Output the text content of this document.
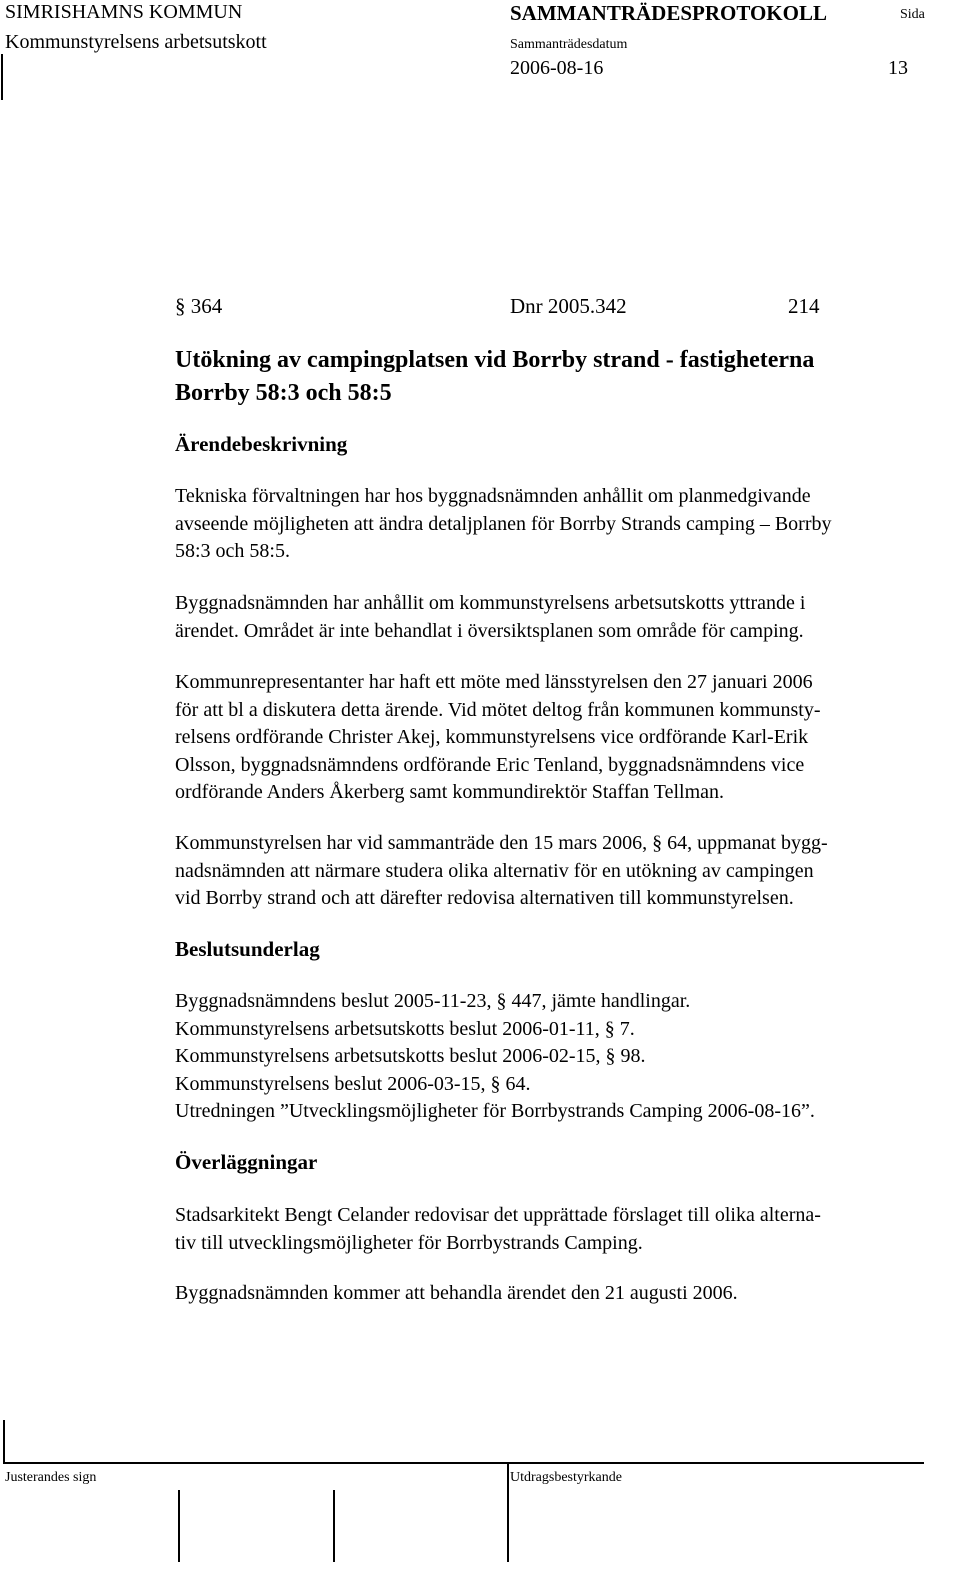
SIMRISHAMNS KOMMUN
Kommunstyrelsens arbetsutskott
SAMMANTRÄDESPROTOKOLL	Sida
Sammanträdesdatum
2006-08-16	13
§ 364	Dnr 2005.342	214
Utökning av campingplatsen vid Borrby strand - fastigheterna
Borrby 58:3 och 58:5
Ärendebeskrivning
Tekniska förvaltningen har hos byggnadsnämnden anhållit om planmedgivande
avseende möjligheten att ändra detaljplanen för Borrby Strands camping – Borrby
58:3 och 58:5.
Byggnadsnämnden har anhållit om kommunstyrelsens arbetsutskotts yttrande i
ärendet. Området är inte behandlat i översiktsplanen som område för camping.
Kommunrepresentanter har haft ett möte med länsstyrelsen den 27 januari 2006
för att bl a diskutera detta ärende. Vid mötet deltog från kommunen kommunsty-
relsens ordförande Christer Akej, kommunstyrelsens vice ordförande Karl-Erik
Olsson, byggnadsnämndens ordförande Eric Tenland, byggnadsnämndens vice
ordförande Anders Åkerberg samt kommundirektör Staffan Tellman.
Kommunstyrelsen har vid sammanträde den 15 mars 2006, § 64, uppmanat bygg-
nadsnämnden att närmare studera olika alternativ för en utökning av campingen
vid Borrby strand och att därefter redovisa alternativen till kommunstyrelsen.
Beslutsunderlag
Byggnadsnämndens beslut 2005-11-23, § 447, jämte handlingar.
Kommunstyrelsens arbetsutskotts beslut 2006-01-11, § 7.
Kommunstyrelsens arbetsutskotts beslut 2006-02-15, § 98.
Kommunstyrelsens beslut 2006-03-15, § 64.
Utredningen ”Utvecklingsmöjligheter för Borrbystrands Camping 2006-08-16”.
Överläggningar
Stadsarkitekt Bengt Celander redovisar det upprättade förslaget till olika alterna-
tiv till utvecklingsmöjligheter för Borrbystrands Camping.
Byggnadsnämnden kommer att behandla ärendet den 21 augusti 2006.
Justerandes sign	Utdragsbestyrkande
